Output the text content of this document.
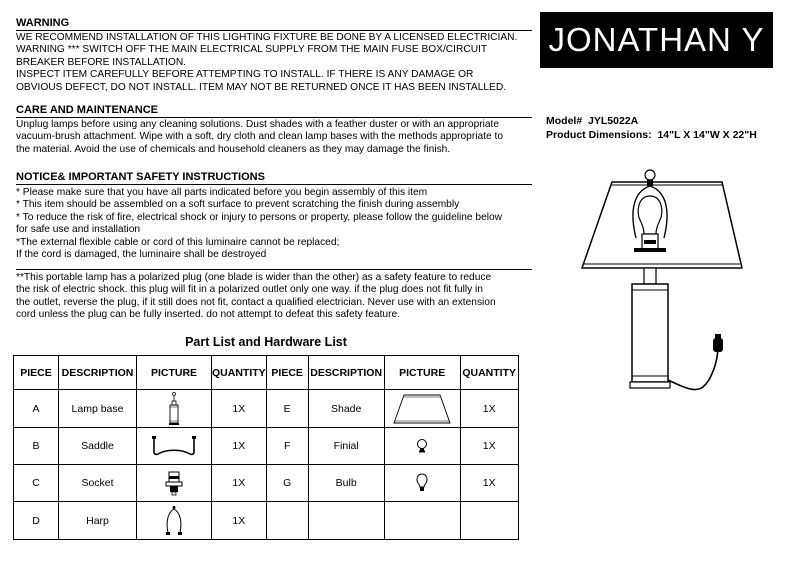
WARNING
WE RECOMMEND INSTALLATION OF THIS LIGHTING FIXTURE BE DONE BY A LICENSED ELECTRICIAN.
WARNING *** SWITCH OFF THE MAIN ELECTRICAL SUPPLY FROM THE MAIN FUSE BOX/CIRCUIT
BREAKER BEFORE INSTALLATION.
INSPECT ITEM CAREFULLY BEFORE ATTEMPTING TO INSTALL. IF THERE IS ANY DAMAGE OR
OBVIOUS DEFECT, DO NOT INSTALL. ITEM MAY NOT BE RETURNED ONCE IT HAS BEEN INSTALLED.
CARE AND MAINTENANCE
Unplug lamps before using any cleaning solutions. Dust shades with a feather duster or with an appropriate
vacuum-brush attachment. Wipe with a soft, dry cloth and clean lamp bases with the methods appropriate to
the material. Avoid the use of chemicals and household cleaners as they may damage the finish.
NOTICE& IMPORTANT SAFETY INSTRUCTIONS
* Please make sure that you have all parts indicated before you begin assembly of this item
* This item should be assembled on a soft surface to prevent scratching the finish during assembly
* To reduce the risk of fire, electrical shock or injury to persons or property, please follow the guideline below
for safe use and installation
*The external flexible cable or cord of this luminaire cannot be replaced;
If the cord is damaged, the luminaire shall be destroyed
**This portable lamp has a polarized plug (one blade is wider than the other) as a safety feature to reduce
the risk of electric shock. this plug will fit in a polarized outlet only one way. if the plug does not fit fully in
the outlet, reverse the plug, if it still does not fit, contact a qualified electrician. Never use with an extension
cord unless the plug can be fully inserted. do not attempt to defeat this safety feature.
JONATHAN Y
Model# JYL5022A
Product Dimensions: 14"L X 14"W X 22"H
Part List and Hardware List
PIECE	DESCRIPTION	PICTURE	QUANTITY	PIECE	DESCRIPTION	PICTURE	QUANTITY
A	Lamp base		1X	E	Shade		1X
B	Saddle		1X	F	Finial		1X
C	Socket		1X	G	Bulb		1X
D	Harp		1X				
